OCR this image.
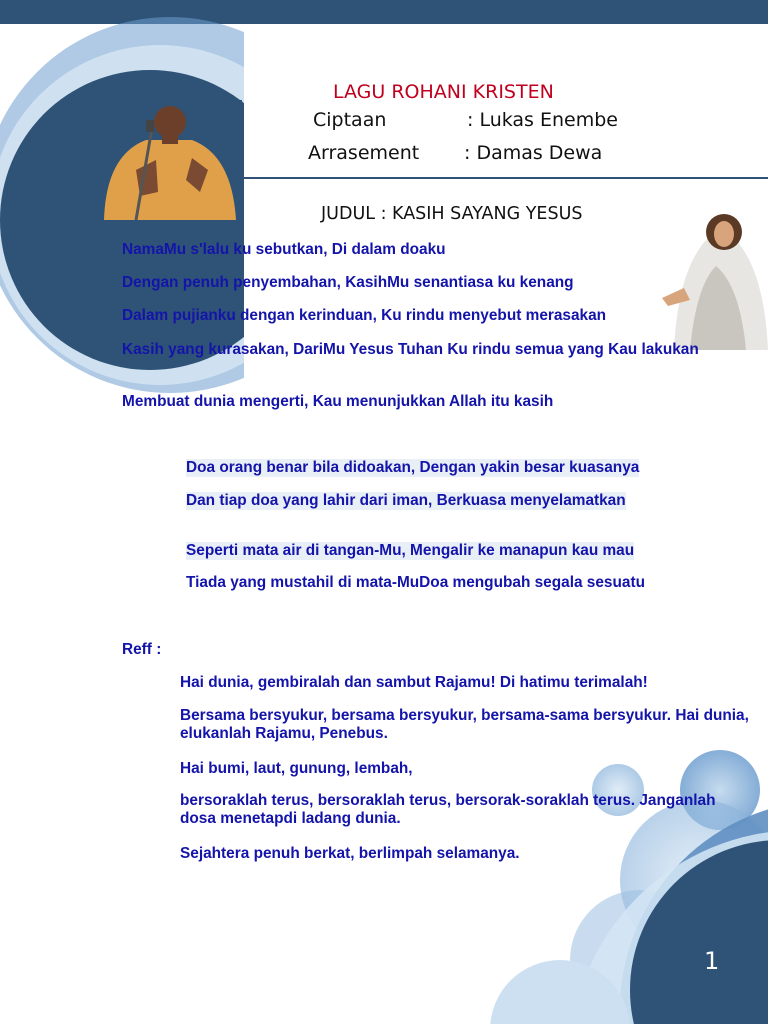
LAGU ROHANI KRISTEN
Ciptaan	: Lukas Enembe
Arrasement : Damas Dewa
JUDUL : KASIH SAYANG YESUS
NamaMu s'lalu ku sebutkan, Di dalam doaku
Dengan penuh penyembahan, KasihMu senantiasa ku kenang
Dalam pujianku dengan kerinduan, Ku rindu menyebut merasakan
Kasih yang kurasakan, DariMu Yesus Tuhan Ku rindu semua yang Kau lakukan
Membuat dunia mengerti, Kau menunjukkan Allah itu kasih
Doa orang benar bila didoakan, Dengan yakin besar kuasanya
Dan tiap doa yang lahir dari iman, Berkuasa menyelamatkan
Seperti mata air di tangan-Mu, Mengalir ke manapun kau mau
Tiada yang mustahil di mata-MuDoa mengubah segala sesuatu
Reff :
Hai dunia, gembiralah dan sambut Rajamu! Di hatimu terimalah!
Bersama bersyukur, bersama bersyukur, bersama-sama bersyukur. Hai dunia, elukanlah Rajamu, Penebus.
Hai bumi, laut, gunung, lembah,
bersoraklah terus, bersoraklah terus, bersorak-soraklah terus. Janganlah dosa menetapdi ladang dunia.
Sejahtera penuh berkat, berlimpah selamanya.
1
